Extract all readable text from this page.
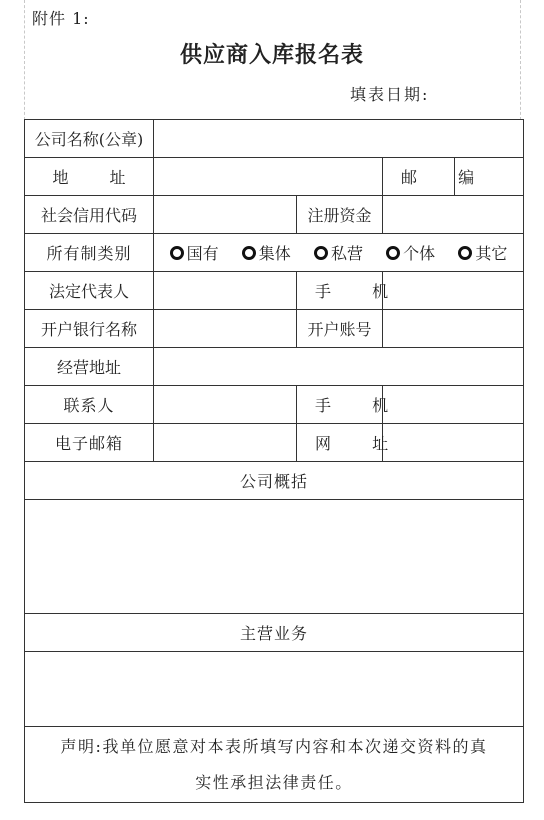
附件 1:
供应商入库报名表
填表日期:
公司名称(公章)				
地 址			邮 编	
社会信用代码		注册资金		
所有制类别	国有 集体 私营 个体 其它			

法定代表人		手 机		
开户银行名称		开户账号		
经营地址				
联系人		手 机		
电子邮箱		网 址		
公司概括				

主营业务				

声明:我单位愿意对本表所填写内容和本次递交资料的真
实性承担法律责任。				
